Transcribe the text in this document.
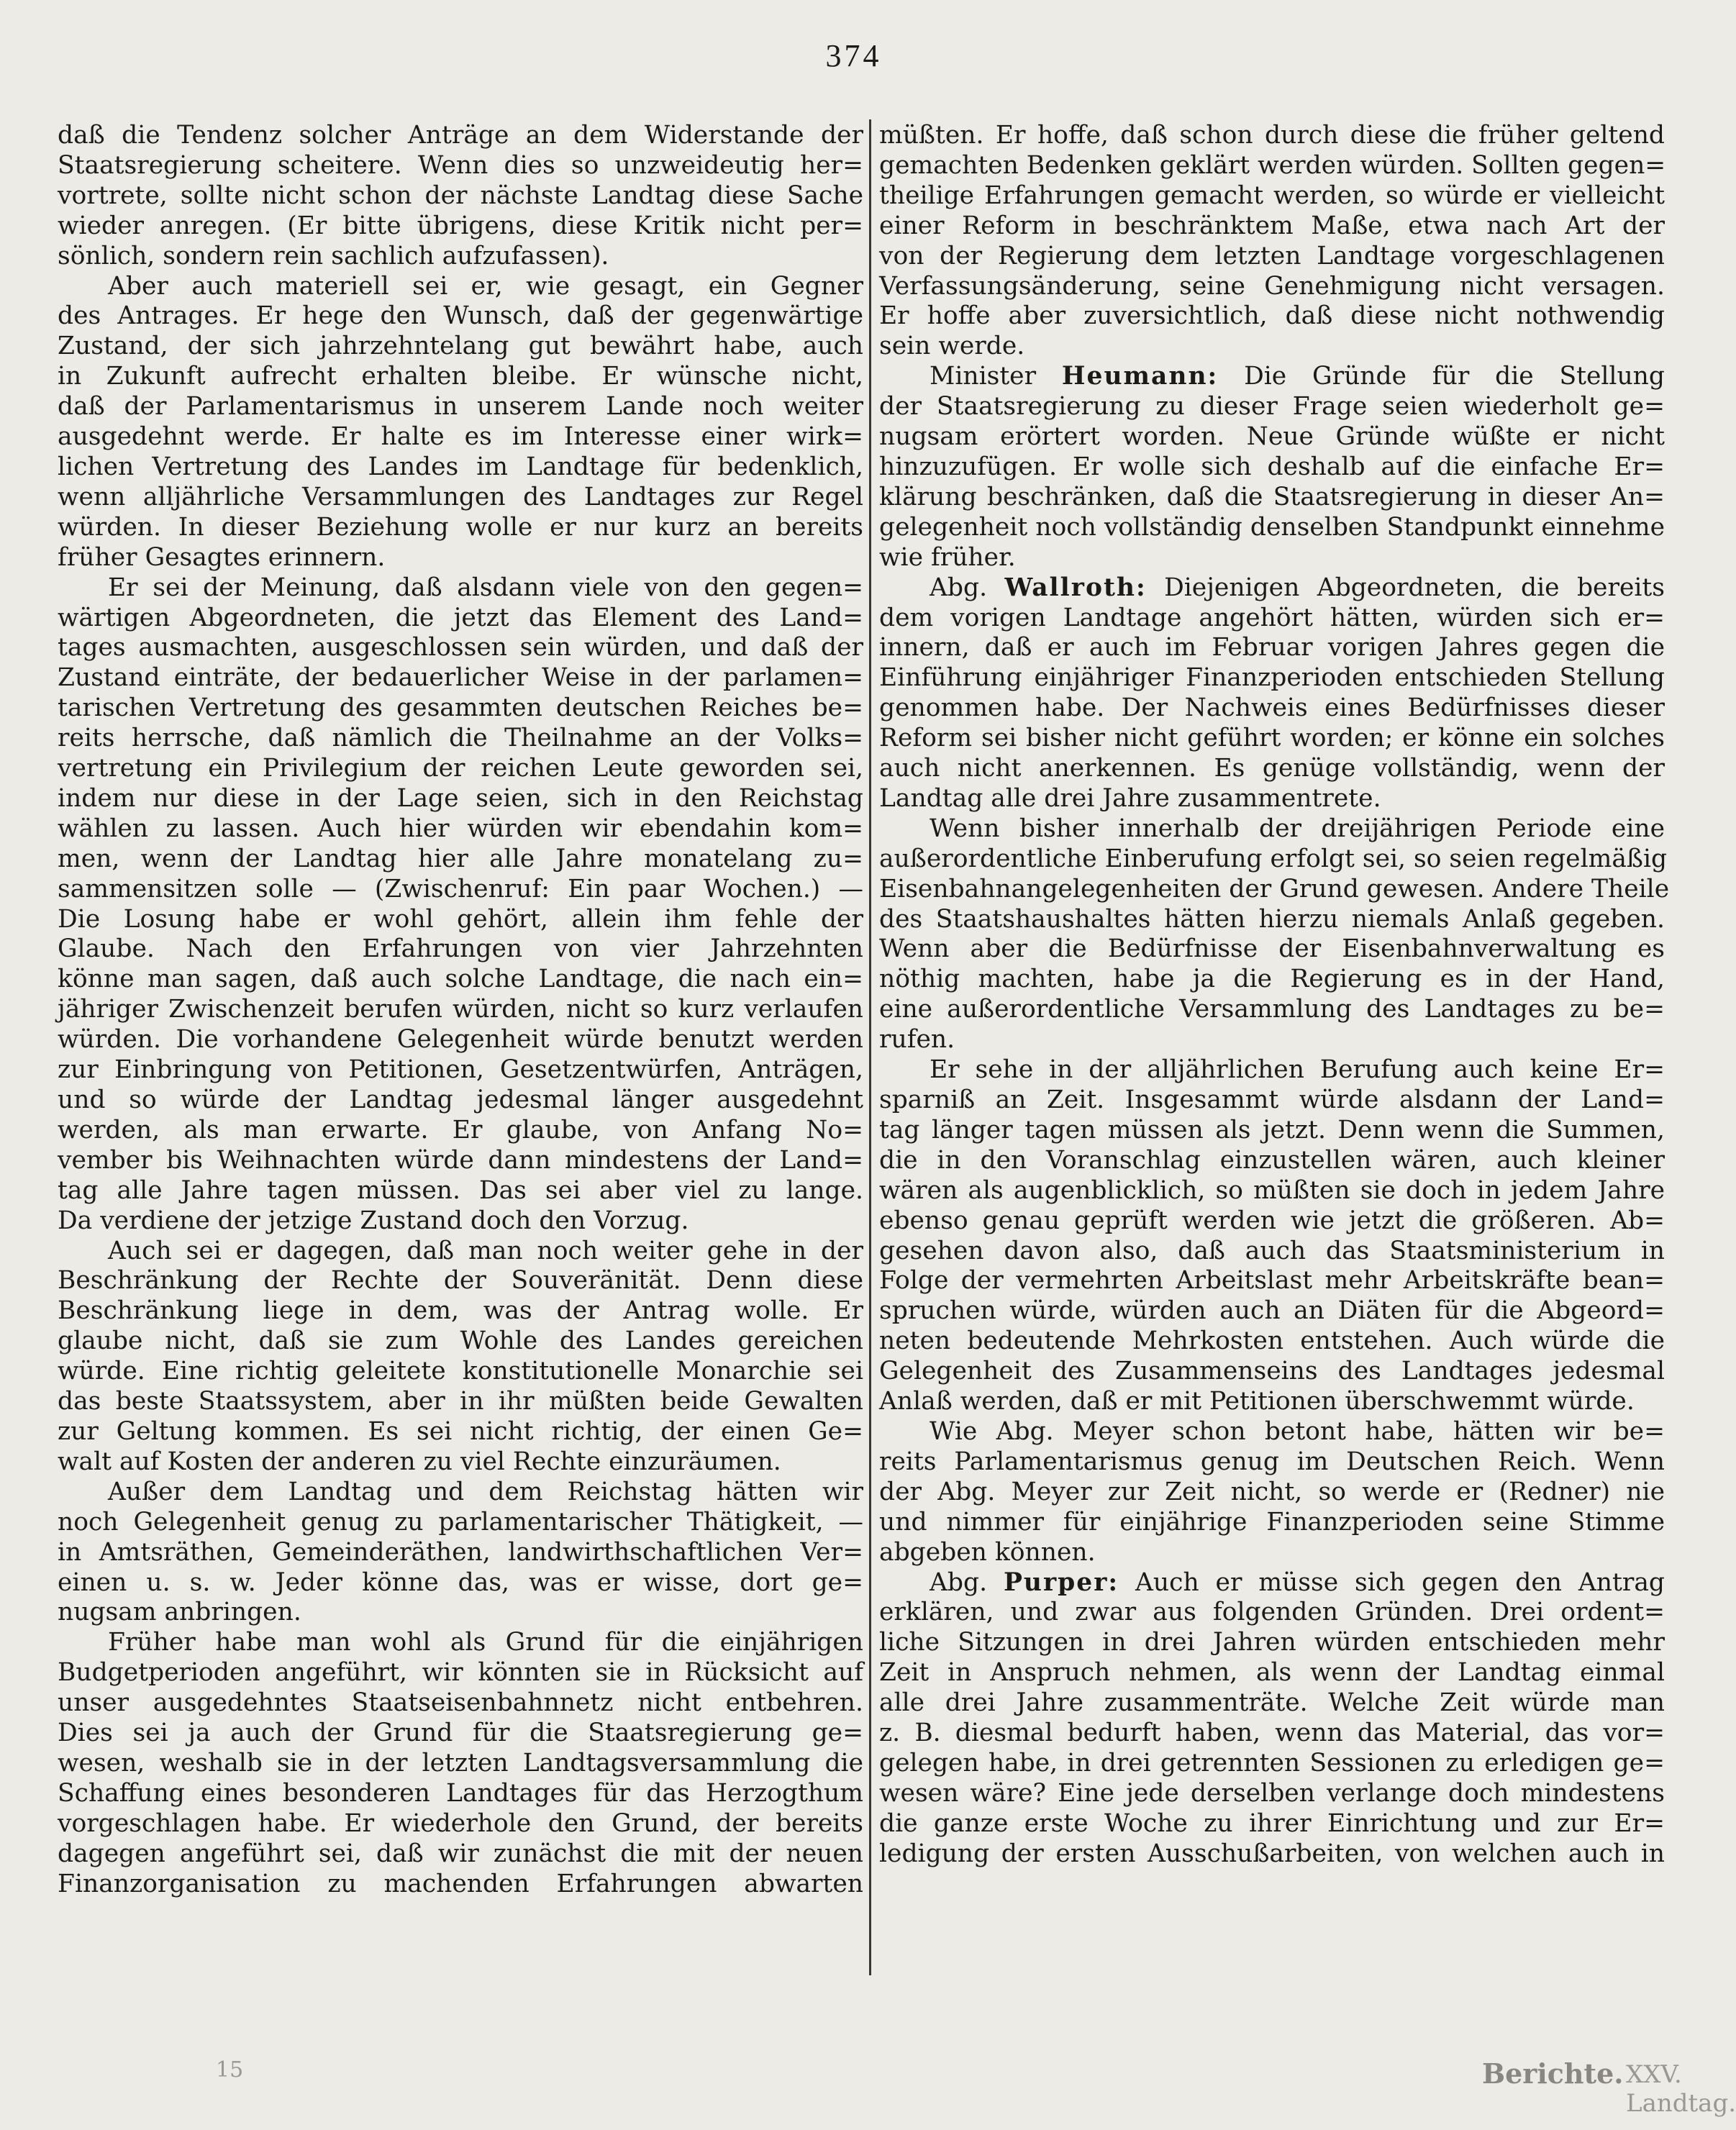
374
daß die Tendenz solcher Anträge an dem Widerstande der
Staatsregierung scheitere. Wenn dies so unzweideutig her=
vortrete, sollte nicht schon der nächste Landtag diese Sache
wieder anregen. (Er bitte übrigens, diese Kritik nicht per=
sönlich, sondern rein sachlich aufzufassen).
Aber auch materiell sei er, wie gesagt, ein Gegner
des Antrages. Er hege den Wunsch, daß der gegenwärtige
Zustand, der sich jahrzehntelang gut bewährt habe, auch
in Zukunft aufrecht erhalten bleibe. Er wünsche nicht,
daß der Parlamentarismus in unserem Lande noch weiter
ausgedehnt werde. Er halte es im Interesse einer wirk=
lichen Vertretung des Landes im Landtage für bedenklich,
wenn alljährliche Versammlungen des Landtages zur Regel
würden. In dieser Beziehung wolle er nur kurz an bereits
früher Gesagtes erinnern.
Er sei der Meinung, daß alsdann viele von den gegen=
wärtigen Abgeordneten, die jetzt das Element des Land=
tages ausmachten, ausgeschlossen sein würden, und daß der
Zustand einträte, der bedauerlicher Weise in der parlamen=
tarischen Vertretung des gesammten deutschen Reiches be=
reits herrsche, daß nämlich die Theilnahme an der Volks=
vertretung ein Privilegium der reichen Leute geworden sei,
indem nur diese in der Lage seien, sich in den Reichstag
wählen zu lassen. Auch hier würden wir ebendahin kom=
men, wenn der Landtag hier alle Jahre monatelang zu=
sammensitzen solle — (Zwischenruf: Ein paar Wochen.) —
Die Losung habe er wohl gehört, allein ihm fehle der
Glaube. Nach den Erfahrungen von vier Jahrzehnten
könne man sagen, daß auch solche Landtage, die nach ein=
jähriger Zwischenzeit berufen würden, nicht so kurz verlaufen
würden. Die vorhandene Gelegenheit würde benutzt werden
zur Einbringung von Petitionen, Gesetzentwürfen, Anträgen,
und so würde der Landtag jedesmal länger ausgedehnt
werden, als man erwarte. Er glaube, von Anfang No=
vember bis Weihnachten würde dann mindestens der Land=
tag alle Jahre tagen müssen. Das sei aber viel zu lange.
Da verdiene der jetzige Zustand doch den Vorzug.
Auch sei er dagegen, daß man noch weiter gehe in der
Beschränkung der Rechte der Souveränität. Denn diese
Beschränkung liege in dem, was der Antrag wolle. Er
glaube nicht, daß sie zum Wohle des Landes gereichen
würde. Eine richtig geleitete konstitutionelle Monarchie sei
das beste Staatssystem, aber in ihr müßten beide Gewalten
zur Geltung kommen. Es sei nicht richtig, der einen Ge=
walt auf Kosten der anderen zu viel Rechte einzuräumen.
Außer dem Landtag und dem Reichstag hätten wir
noch Gelegenheit genug zu parlamentarischer Thätigkeit, —
in Amtsräthen, Gemeinderäthen, landwirthschaftlichen Ver=
einen u. s. w. Jeder könne das, was er wisse, dort ge=
nugsam anbringen.
Früher habe man wohl als Grund für die einjährigen
Budgetperioden angeführt, wir könnten sie in Rücksicht auf
unser ausgedehntes Staatseisenbahnnetz nicht entbehren.
Dies sei ja auch der Grund für die Staatsregierung ge=
wesen, weshalb sie in der letzten Landtagsversammlung die
Schaffung eines besonderen Landtages für das Herzogthum
vorgeschlagen habe. Er wiederhole den Grund, der bereits
dagegen angeführt sei, daß wir zunächst die mit der neuen
Finanzorganisation zu machenden Erfahrungen abwarten
müßten. Er hoffe, daß schon durch diese die früher geltend
gemachten Bedenken geklärt werden würden. Sollten gegen=
theilige Erfahrungen gemacht werden, so würde er vielleicht
einer Reform in beschränktem Maße, etwa nach Art der
von der Regierung dem letzten Landtage vorgeschlagenen
Verfassungsänderung, seine Genehmigung nicht versagen.
Er hoffe aber zuversichtlich, daß diese nicht nothwendig
sein werde.
Minister Heumann: Die Gründe für die Stellung
der Staatsregierung zu dieser Frage seien wiederholt ge=
nugsam erörtert worden. Neue Gründe wüßte er nicht
hinzuzufügen. Er wolle sich deshalb auf die einfache Er=
klärung beschränken, daß die Staatsregierung in dieser An=
gelegenheit noch vollständig denselben Standpunkt einnehme
wie früher.
Abg. Wallroth: Diejenigen Abgeordneten, die bereits
dem vorigen Landtage angehört hätten, würden sich er=
innern, daß er auch im Februar vorigen Jahres gegen die
Einführung einjähriger Finanzperioden entschieden Stellung
genommen habe. Der Nachweis eines Bedürfnisses dieser
Reform sei bisher nicht geführt worden; er könne ein solches
auch nicht anerkennen. Es genüge vollständig, wenn der
Landtag alle drei Jahre zusammentrete.
Wenn bisher innerhalb der dreijährigen Periode eine
außerordentliche Einberufung erfolgt sei, so seien regelmäßig
Eisenbahnangelegenheiten der Grund gewesen. Andere Theile
des Staatshaushaltes hätten hierzu niemals Anlaß gegeben.
Wenn aber die Bedürfnisse der Eisenbahnverwaltung es
nöthig machten, habe ja die Regierung es in der Hand,
eine außerordentliche Versammlung des Landtages zu be=
rufen.
Er sehe in der alljährlichen Berufung auch keine Er=
sparniß an Zeit. Insgesammt würde alsdann der Land=
tag länger tagen müssen als jetzt. Denn wenn die Summen,
die in den Voranschlag einzustellen wären, auch kleiner
wären als augenblicklich, so müßten sie doch in jedem Jahre
ebenso genau geprüft werden wie jetzt die größeren. Ab=
gesehen davon also, daß auch das Staatsministerium in
Folge der vermehrten Arbeitslast mehr Arbeitskräfte bean=
spruchen würde, würden auch an Diäten für die Abgeord=
neten bedeutende Mehrkosten entstehen. Auch würde die
Gelegenheit des Zusammenseins des Landtages jedesmal
Anlaß werden, daß er mit Petitionen überschwemmt würde.
Wie Abg. Meyer schon betont habe, hätten wir be=
reits Parlamentarismus genug im Deutschen Reich. Wenn
der Abg. Meyer zur Zeit nicht, so werde er (Redner) nie
und nimmer für einjährige Finanzperioden seine Stimme
abgeben können.
Abg. Purper: Auch er müsse sich gegen den Antrag
erklären, und zwar aus folgenden Gründen. Drei ordent=
liche Sitzungen in drei Jahren würden entschieden mehr
Zeit in Anspruch nehmen, als wenn der Landtag einmal
alle drei Jahre zusammenträte. Welche Zeit würde man
z. B. diesmal bedurft haben, wenn das Material, das vor=
gelegen habe, in drei getrennten Sessionen zu erledigen ge=
wesen wäre? Eine jede derselben verlange doch mindestens
die ganze erste Woche zu ihrer Einrichtung und zur Er=
ledigung der ersten Ausschußarbeiten, von welchen auch in
15	Berichte. XXV. Landtag.
